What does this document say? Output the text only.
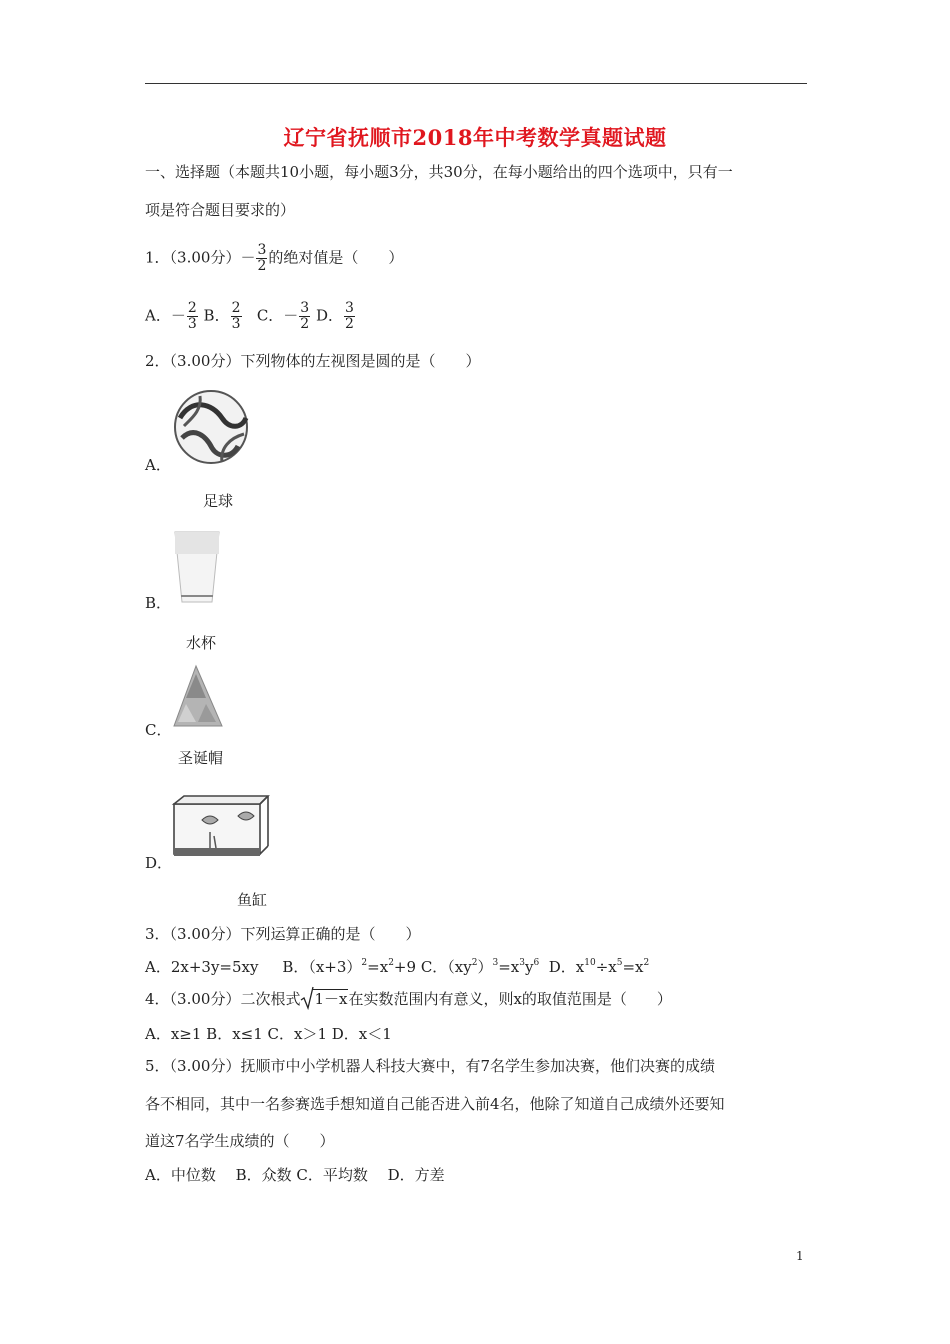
辽宁省抚顺市2018年中考数学真题试题
一、选择题（本题共10小题，每小题3分，共30分，在每小题给出的四个选项中，只有一
项是符合题目要求的）
1．（3.00分）－ $\frac{3}{2}$ 的绝对值是（　　）
A．－ $\frac{2}{3}$ B． $\frac{2}{3}$ C．－ $\frac{3}{2}$ D． $\frac{3}{2}$
2．（3.00分）下列物体的左视图是圆的是（　　）
A．
足球
B．
水杯
C．
圣诞帽
D．
鱼缸
3．（3.00分）下列运算正确的是（　　）
A．2x+3y=5xy B．$(x+3)^2=x^2+9$ C．$(xy^2)^3=x^3y^6$ D．$x^{10}\div x^5=x^2$
4．（3.00分）二次根式 1－x在实数范围内有意义，则x的取值范围是（　　）
A．x≥1 B．x≤1 C．x＞1 D．x＜1
5．（3.00分）抚顺市中小学机器人科技大赛中，有7名学生参加决赛，他们决赛的成绩
各不相同，其中一名参赛选手想知道自己能否进入前4名，他除了知道自己成绩外还要知
道这7名学生成绩的（　　）
A．中位数　 B．众数 C．平均数　 D．方差
1
